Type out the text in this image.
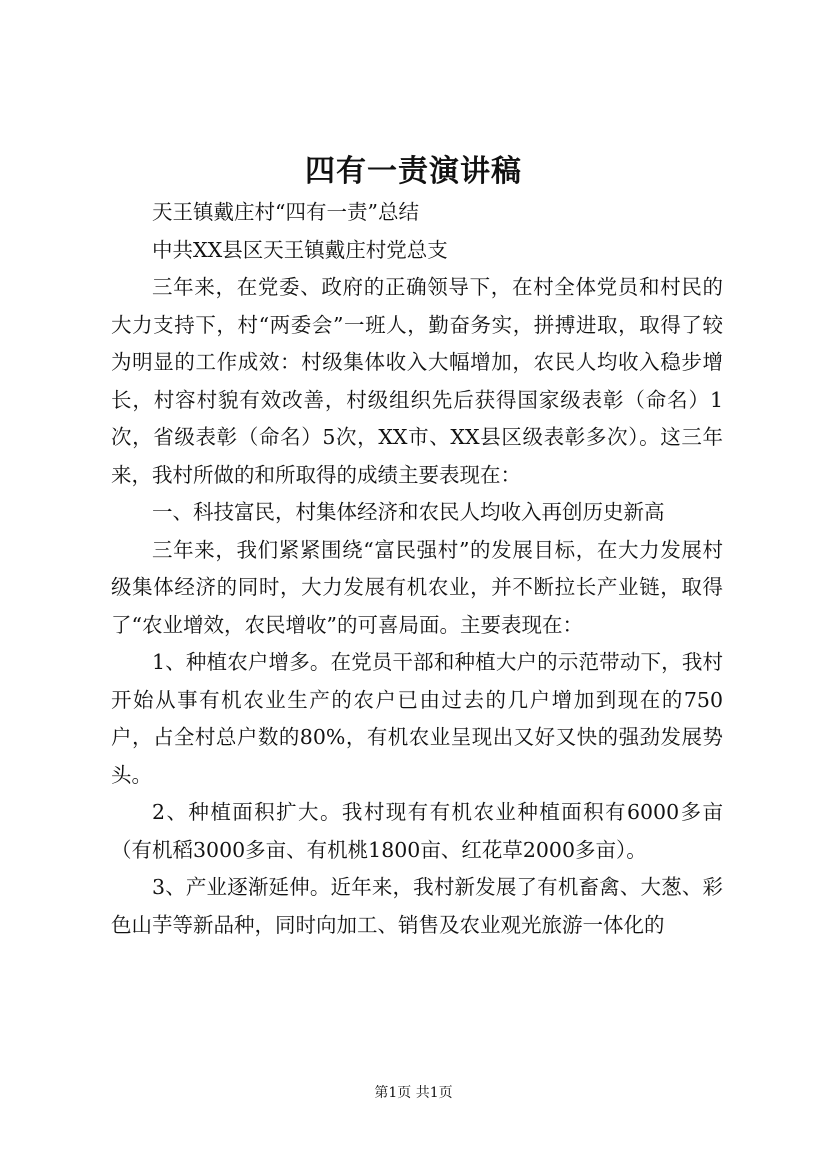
四有一责演讲稿

天王镇戴庄村“四有一责”总结

中共XX县区天王镇戴庄村党总支

三年来，在党委、政府的正确领导下，在村全体党员和村民的大力支持下，村“两委会”一班人，勤奋务实，拼搏进取，取得了较为明显的工作成效：村级集体收入大幅增加，农民人均收入稳步增长，村容村貌有效改善，村级组织先后获得国家级表彰（命名）1次，省级表彰（命名）5次，XX市、XX县区级表彰多次）。这三年来，我村所做的和所取得的成绩主要表现在：

一、科技富民，村集体经济和农民人均收入再创历史新高

三年来，我们紧紧围绕“富民强村”的发展目标，在大力发展村级集体经济的同时，大力发展有机农业，并不断拉长产业链，取得了“农业增效，农民增收”的可喜局面。主要表现在：

1、种植农户增多。在党员干部和种植大户的示范带动下，我村开始从事有机农业生产的农户已由过去的几户增加到现在的750户，占全村总户数的80%，有机农业呈现出又好又快的强劲发展势头。

2、种植面积扩大。我村现有有机农业种植面积有6000多亩（有机稻3000多亩、有机桃1800亩、红花草2000多亩）。

3、产业逐渐延伸。近年来，我村新发展了有机畜禽、大葱、彩色山芋等新品种，同时向加工、销售及农业观光旅游一体化的

第1页 共1页
